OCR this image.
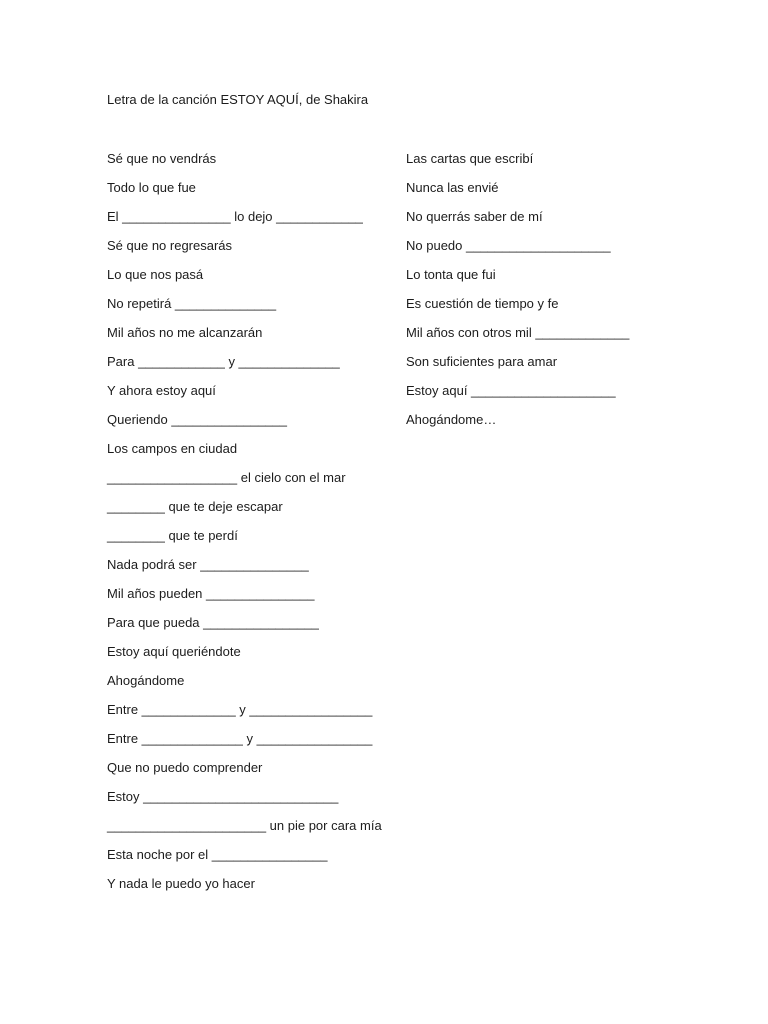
Letra de la canción ESTOY AQUÍ, de Shakira
Sé que no vendrás
Todo lo que fue
El _______________ lo dejo ____________
Sé que no regresarás
Lo que nos pasá
No repetirá ______________
Mil años no me alcanzarán
Para ____________ y ______________
Y ahora estoy aquí
Queriendo ________________
Los campos en ciudad
__________________ el cielo con el mar
________ que te deje escapar
________ que te perdí
Nada podrá ser _______________
Mil años pueden _______________
Para que pueda ________________
Estoy aquí queriéndote
Ahogándome
Entre _____________ y _________________
Entre ______________ y ________________
Que no puedo comprender
Estoy ___________________________
______________________ un pie por cara mía
Esta noche por el ________________
Y nada le puedo yo hacer
Las cartas que escribí
Nunca las envié
No querrás saber de mí
No puedo ____________________
Lo tonta que fui
Es cuestión de tiempo y fe
Mil años con otros mil _____________
Son suficientes para amar
Estoy aquí ____________________
Ahogándome…
